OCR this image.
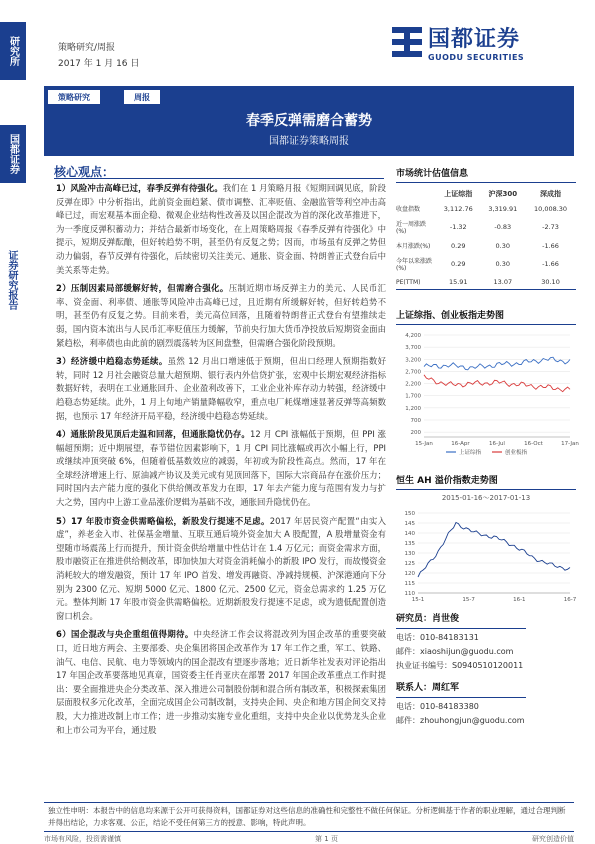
研究所
国都证券
证券研究报告
策略研究/周报
2017 年 1 月 16 日
国都证券
GUODU SECURITIES
策略研究	周报
春季反弹需磨合蓄势
国都证券策略周报
核心观点：
1）风险冲击高峰已过，春季反弹有待强化。我们在 1 月策略月报《短期回调见底，阶段反弹在即》中分析指出，此前资金面趋紧、债市调整、汇率贬值、金融监管等利空冲击高峰已过，而宏观基本面企稳、微观企业结构性改善及以国企混改为首的深化改革推进下，为一季度反弹积蓄动力；并结合最新市场变化，在上周策略周报《春季反弹有待强化》中提示，短期反弹酝酿，但好转趋势不明，甚至仍有反复之势；因而，市场虽有反弹之势但动力偏弱，春节反弹有待强化，后续密切关注美元、通胀、资金面、特朗普正式登台后中美关系等走势。
2）压制因素局部缓解好转，但需磨合强化。压制近期市场反弹主力的美元、人民币汇率、资金面、利率债、通胀等风险冲击高峰已过，且近期有所缓解好转，但好转趋势不明，甚至仍有反复之势。目前来看，美元高位回落，且随着特朗普正式登台有望推续走弱，国内资本流出与人民币汇率贬值压力缓解，节前央行加大货币净投放后短期资金面由紧趋松，利率债也由此前的剧烈震荡转为区间盘整，但需磨合强化阶段预期。
3）经济缓中趋稳态势延续。虽然 12 月出口增速低于预期，但出口经理人预期指数好转，同时 12 月社会融资总量大超预期、银行表内外信贷扩张，宏观中长期宏观经济指标数据好转，表明在工业通胀回升、企业盈利改善下，工业企业补库存动力转强，经济缓中趋稳态势延续。此外，1 月上旬地产销量降幅收窄，重点电厂耗煤增速显著反弹等高频数据，也预示 17 年经济开局平稳，经济缓中趋稳态势延续。
4）通胀阶段见顶后走温和回落，但通胀隐忧仍存。12 月 CPI 涨幅低于预期，但 PPI 涨幅超预期；近中期展望，春节错位因素影响下，1 月 CPI 同比涨幅或再次小幅上行，PPI 或继续冲顶突破 6%，但随着低基数效应的减弱，年初或为阶段性高点。然而，17 年在全球经济增速上行、原油减产协议及美元或有见顶回落下，国际大宗商品存在涨价压力；同时国内去产能力度的强化下供给侧改革发力在即，17 年去产能力度与范围有发力与扩大之势，国内中上游工业品涨价逻辑为基础不改，通胀回升隐忧仍在。
5）17 年股市资金供需略偏松，新股发行提速不足虑。2017 年居民资产配置“由实入虚”，养老金入市、社保基金增量、互联互通后境外资金加大 A 股配置，A 股增量资金有望随市场震荡上行而提升，预计资金供给增量中性估计在 1.4 万亿元；而资金需求方面，股市融资正在推进供给侧改革，即加快加大对资金消耗偏小的新股 IPO 发行，而故慢资金消耗较大的增发融资，预计 17 年 IPO 首发、增发再融资、净减持规模、沪深港通向下分别为 2300 亿元、短期 5000 亿元、1800 亿元、2500 亿元，资金总需求约 1.25 万亿元。整体判断 17 年股市资金供需略偏松。近期新股发行提速不足虑，或为遗低配置创造窗口机会。
6）国企混改与央企重组值得期待。中央经济工作会议将混改列为国企改革的重要突破口，近日地方两会、主要部委、央企集团将国企改革作为 17 年工作之重，军工、铁路、油气、电信、民航、电力等领域内的国企混改有望逐步落地；近日新华社发表对评论指出 17 年国企改革要落地见真章，国资委主任肖亚庆在部署 2017 年国企改革重点工作时提出：要全面推进央企分类改革、深入推进公司制股份制和混合所有制改革，积极探索集团层面股权多元化改革，全面完成国企公司制改制，支持央企间、央企和地方国企间交叉持股，大力推进改制上市工作；进一步推动实施专业化重组，支持中央企业以优势龙头企业和上市公司为平台，通过股
市场统计估值信息
	上证综指	沪深300	深成指
收盘指数	3,112.76	3,319.91	10,008.30
近一周涨跌(%)	-1.32	-0.83	-2.73
本月涨跌(%)	0.29	0.30	-1.66
今年以来涨跌(%)	0.29	0.30	-1.66
PE(TTM)	15.91	13.07	30.10
上证综指、创业板指走势图
4,200
3,700
3,200
2,700
2,200
1,700
1,200
700
200
15-Jan	16-Apr	16-Jul	16-Oct	17-Jan
上证综指	创业板指
恒生 AH 溢价指数走势图
2015-01-16～2017-01-13
150
145
140
135
130
125
120
115
110
15-1	15-7	16-1	16-7
研究员：肖世俊
电话：010-84183131
邮件：xiaoshijun@guodu.com
执业证书编号：S0940510120011
联系人：周红军
电话：010-84183380
邮件：zhouhongjun@guodu.com
独立性申明：本报告中的信息均来源于公开可获得资料，国都证券对这些信息的准确性和完整性不做任何保证。分析逻辑基于作者的职业理解，通过合理判断并得出结论，力求客观、公正，结论不受任何第三方的授意、影响，特此声明。
市场有风险，投资需谨慎	第 1 页	研究创造价值
